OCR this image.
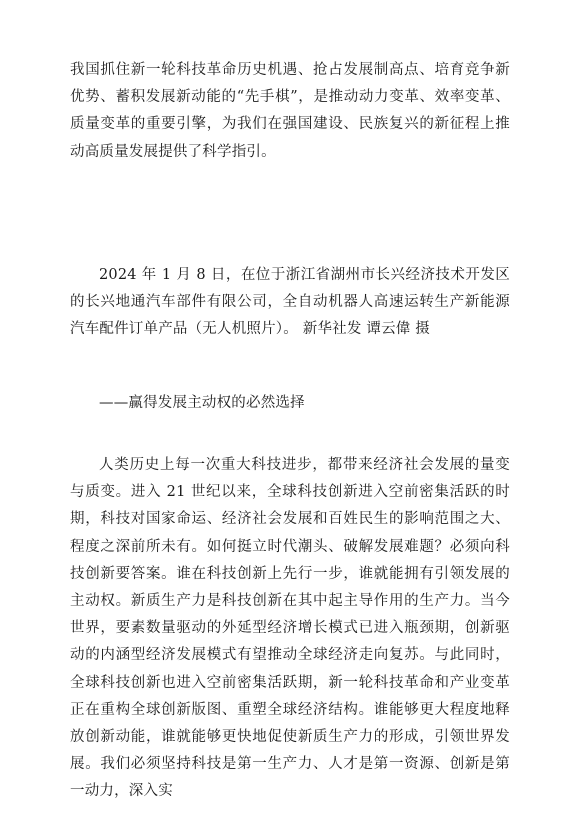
我国抓住新一轮科技革命历史机遇、抢占发展制高点、培育竞争新优势、蓄积发展新动能的“先手棋”，是推动动力变革、效率变革、质量变革的重要引擎，为我们在强国建设、民族复兴的新征程上推动高质量发展提供了科学指引。

2024 年 1 月 8 日，在位于浙江省湖州市长兴经济技术开发区的长兴地通汽车部件有限公司，全自动机器人高速运转生产新能源汽车配件订单产品（无人机照片）。 新华社发 谭云偉 摄

——赢得发展主动权的必然选择

人类历史上每一次重大科技进步，都带来经济社会发展的量变与质变。进入 21 世纪以来，全球科技创新进入空前密集活跃的时期，科技对国家命运、经济社会发展和百姓民生的影响范围之大、程度之深前所未有。如何挺立时代潮头、破解发展难题？必须向科技创新要答案。谁在科技创新上先行一步，谁就能拥有引领发展的主动权。新质生产力是科技创新在其中起主导作用的生产力。当今世界，要素数量驱动的外延型经济增长模式已进入瓶颈期，创新驱动的内涵型经济发展模式有望推动全球经济走向复苏。与此同时，全球科技创新也进入空前密集活跃期，新一轮科技革命和产业变革正在重构全球创新版图、重塑全球经济结构。谁能够更大程度地释放创新动能，谁就能够更快地促使新质生产力的形成，引领世界发展。我们必须坚持科技是第一生产力、人才是第一资源、创新是第一动力，深入实
